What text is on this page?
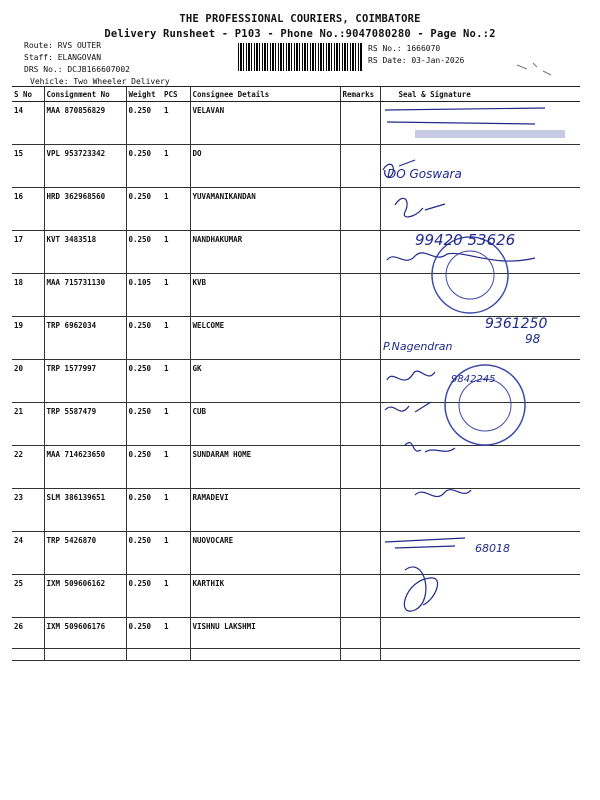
THE PROFESSIONAL COURIERS, COIMBATORE
Delivery Runsheet - P103 - Phone No.:9047080280 - Page No.:2
Route: RVS OUTER
Staff: ELANGOVAN
DRS No.: DCJB166607002
Vehicle: Two Wheeler Delivery
RS No.: 1666070
RS Date: 03-Jan-2026
S No	Consignment No	Weight	PCS	Consignee Details	Remarks	Seal & Signature
14	MAA 870856829	0.250	1	VELAVAN		
15	VPL 953723342	0.250	1	DO		
16	HRD 362968560	0.250	1	YUVAMANIKANDAN		
17	KVT 3483518	0.250	1	NANDHAKUMAR		
18	MAA 715731130	0.105	1	KVB		
19	TRP 6962034	0.250	1	WELCOME		
20	TRP 1577997	0.250	1	GK		
21	TRP 5587479	0.250	1	CUB		
22	MAA 714623650	0.250	1	SUNDARAM HOME		
23	SLM 386139651	0.250	1	RAMADEVI		
24	TRP 5426870	0.250	1	NUOVOCARE		
25	IXM 509606162	0.250	1	KARTHIK		
26	IXM 509606176	0.250	1	VISHNU LAKSHMI		
DO Goswara
99420 53626
9361250
98
P.Nagendran
9842245
68018
